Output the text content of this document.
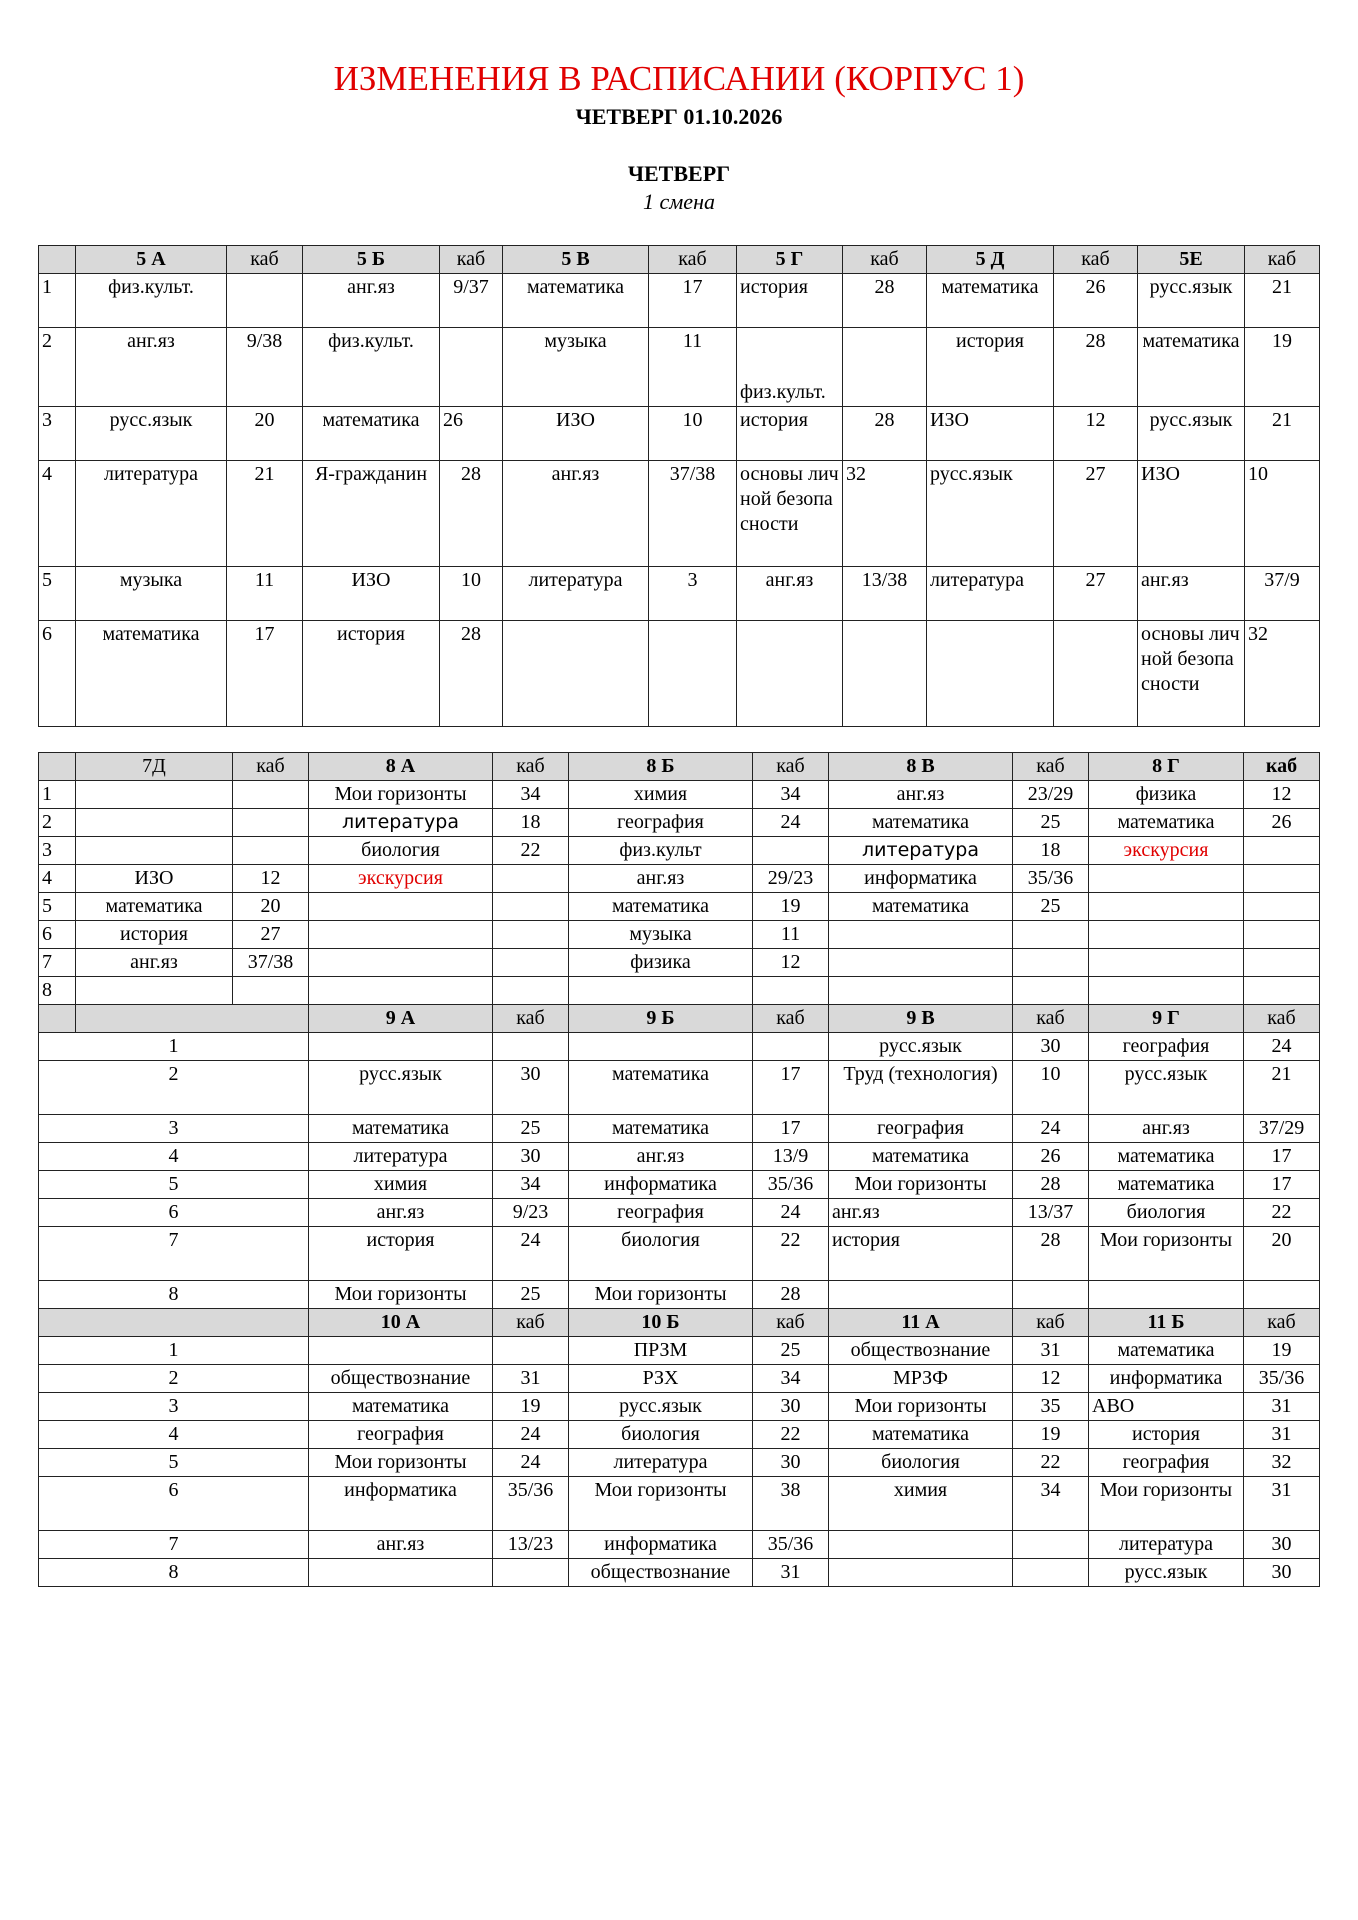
ИЗМЕНЕНИЯ В РАСПИСАНИИ (КОРПУС 1)
ЧЕТВЕРГ 01.10.2026
ЧЕТВЕРГ
1 смена
	5 А	каб	5 Б	каб	5 В	каб	5 Г	каб	5 Д	каб	5Е	каб
1	физ.культ.		анг.яз	9/37	математика	17	история	28	математика	26	русс.язык	21
2	анг.яз	9/38	физ.культ.		музыка	11	физ.культ.		история	28	математика	19
3	русс.язык	20	математика	26	ИЗО	10	история	28	ИЗО	12	русс.язык	21
4	литература	21	Я-гражданин	28	анг.яз	37/38	основы личной безопасности	32	русс.язык	27	ИЗО	10
5	музыка	11	ИЗО	10	литература	3	анг.яз	13/38	литература	27	анг.яз	37/9
6	математика	17	история	28							основы личной безопасности	32
	7Д	каб	8 А	каб	8 Б	каб	8 В	каб	8 Г	каб
1			Мои горизонты	34	химия	34	анг.яз	23/29	физика	12
2			литература	18	география	24	математика	25	математика	26
3			биология	22	физ.культ		литература	18	экскурсия	
4	ИЗО	12	экскурсия		анг.яз	29/23	информатика	35/36		
5	математика	20			математика	19	математика	25		
6	история	27			музыка	11				
7	анг.яз	37/38			физика	12				
8										
			9 А	каб	9 Б	каб	9 В	каб	9 Г	каб
1							русс.язык	30	география	24
2			русс.язык	30	математика	17	Труд (технология)	10	русс.язык	21
3			математика	25	математика	17	география	24	анг.яз	37/29
4			литература	30	анг.яз	13/9	математика	26	математика	17
5			химия	34	информатика	35/36	Мои горизонты	28	математика	17
6			анг.яз	9/23	география	24	анг.яз	13/37	биология	22
7			история	24	биология	22	история	28	Мои горизонты	20
8			Мои горизонты	25	Мои горизонты	28				
			10 А	каб	10 Б	каб	11 А	каб	11 Б	каб
1					ПРЗМ	25	обществознание	31	математика	19
2			обществознание	31	РЗХ	34	МРЗФ	12	информатика	35/36
3			математика	19	русс.язык	30	Мои горизонты	35	АВО	31
4			география	24	биология	22	математика	19	история	31
5			Мои горизонты	24	литература	30	биология	22	география	32
6			информатика	35/36	Мои горизонты	38	химия	34	Мои горизонты	31
7			анг.яз	13/23	информатика	35/36			литература	30
8					обществознание	31			русс.язык	30
